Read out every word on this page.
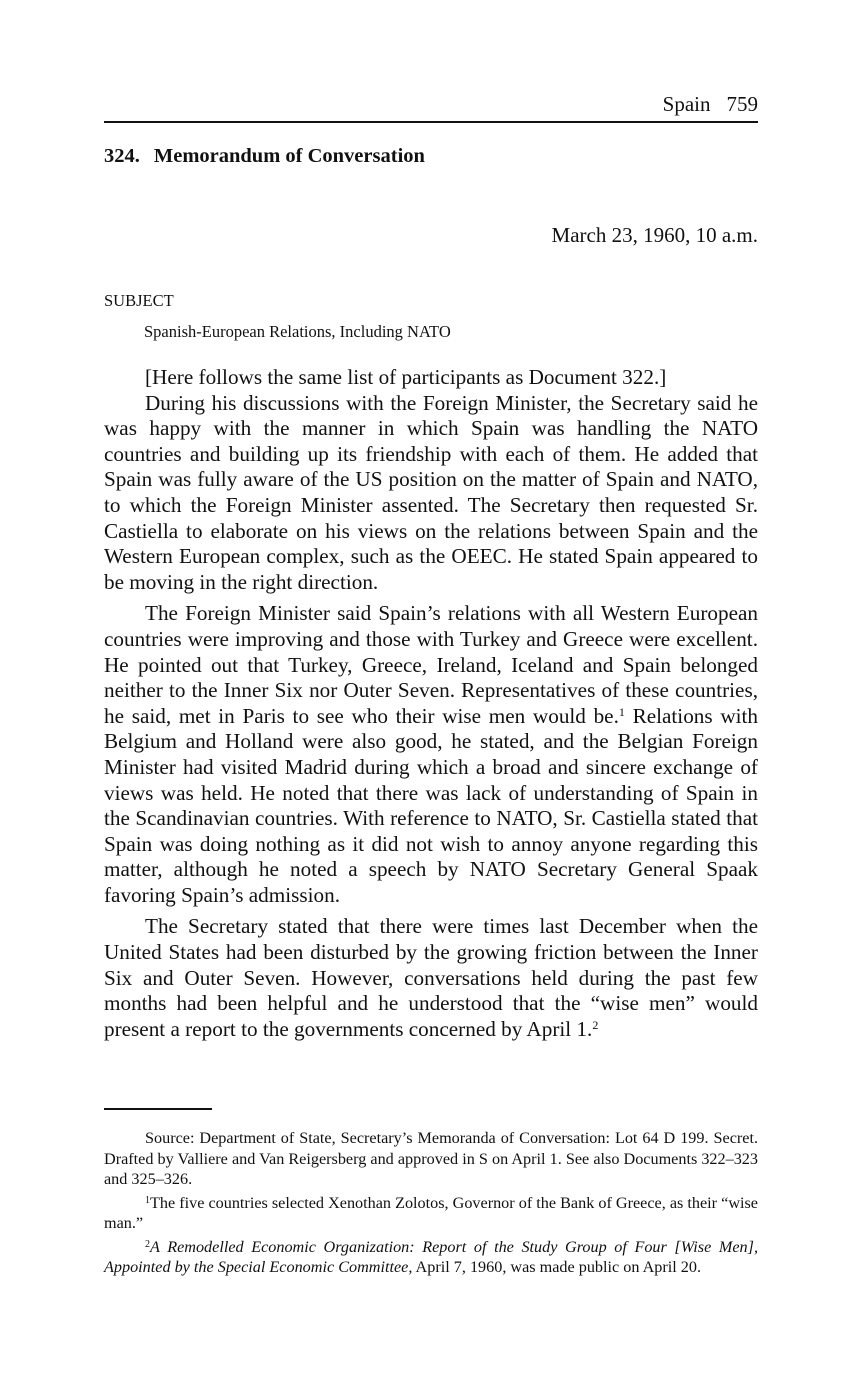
Spain 759
324. Memorandum of Conversation
March 23, 1960, 10 a.m.
SUBJECT
Spanish-European Relations, Including NATO

[Here follows the same list of participants as Document 322.]

During his discussions with the Foreign Minister, the Secretary said he was happy with the manner in which Spain was handling the NATO countries and building up its friendship with each of them. He added that Spain was fully aware of the US position on the matter of Spain and NATO, to which the Foreign Minister assented. The Secretary then requested Sr. Castiella to elaborate on his views on the relations between Spain and the Western European complex, such as the OEEC. He stated Spain appeared to be moving in the right direction.

The Foreign Minister said Spain’s relations with all Western European countries were improving and those with Turkey and Greece were excellent. He pointed out that Turkey, Greece, Ireland, Iceland and Spain belonged neither to the Inner Six nor Outer Seven. Representatives of these countries, he said, met in Paris to see who their wise men would be.$^1$ Relations with Belgium and Holland were also good, he stated, and the Belgian Foreign Minister had visited Madrid during which a broad and sincere exchange of views was held. He noted that there was lack of understanding of Spain in the Scandinavian countries. With reference to NATO, Sr. Castiella stated that Spain was doing nothing as it did not wish to annoy anyone regarding this matter, although he noted a speech by NATO Secretary General Spaak favoring Spain’s admission.

The Secretary stated that there were times last December when the United States had been disturbed by the growing friction between the Inner Six and Outer Seven. However, conversations held during the past few months had been helpful and he understood that the “wise men” would present a report to the governments concerned by April 1.$^2$

Source: Department of State, Secretary’s Memoranda of Conversation: Lot 64 D 199. Secret. Drafted by Valliere and Van Reigersberg and approved in S on April 1. See also Documents 322–323 and 325–326.

$^1$The five countries selected Xenothan Zolotos, Governor of the Bank of Greece, as their “wise man.”

$^2$A Remodelled Economic Organization: Report of the Study Group of Four [Wise Men], Appointed by the Special Economic Committee, April 7, 1960, was made public on April 20.
